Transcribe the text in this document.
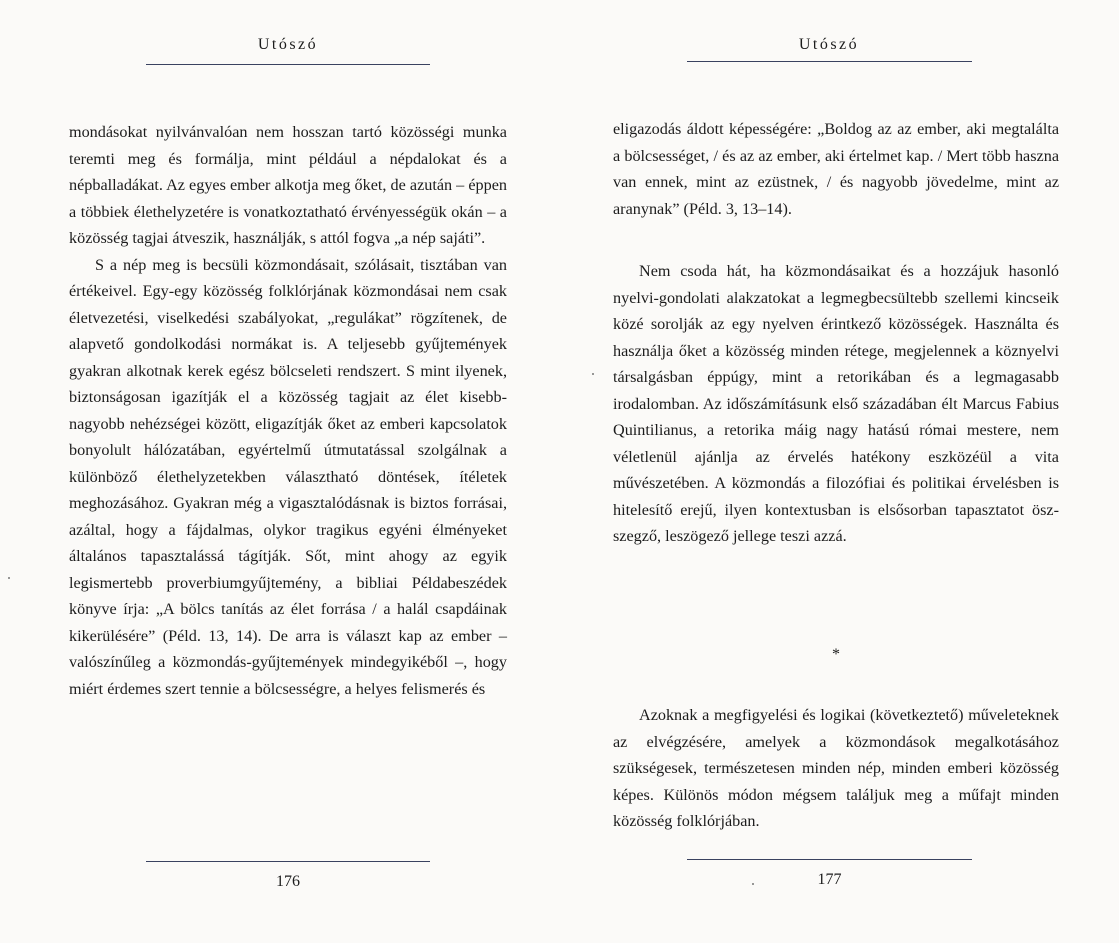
Utószó

mondásokat nyilvánvalóan nem hosszan tartó közösségi munka teremti meg és formálja, mint például a népdalokat és a népballadákat. Az egyes ember alkotja meg őket, de azután – éppen a többiek élethelyzetére is vonatkoztatható érvényességük okán – a közösség tagjai átveszik, használják, s attól fogva „a nép sajáti”.

S a nép meg is becsüli közmondásait, szólásait, tisztában van értékeivel. Egy-egy közösség folklórjának közmondásai nem csak életvezetési, viselkedési szabályokat, „regulákat” rögzítenek, de alapvető gondolkodási normákat is. A teljesebb gyűjtemények gyakran alkotnak kerek egész bölcseleti rendszert. S mint ilyenek, biztonságosan igazítják el a közösség tagjait az élet kisebb-nagyobb nehézségei között, eligazítják őket az emberi kapcsolatok bonyolult hálózatában, egyértelmű útmutatással szolgálnak a különböző élethelyzetekben választható döntések, ítéletek meghozásához. Gyakran még a vigasztalódásnak is biztos forrásai, azáltal, hogy a fájdalmas, olykor tragikus egyéni élményeket általános tapasztalássá tágítják. Sőt, mint ahogy az egyik legismertebb proverbiumgyűjtemény, a bibliai Példabeszédek könyve írja: „A bölcs tanítás az élet forrása / a halál csapdáinak kikerülésére” (Péld. 13, 14). De arra is választ kap az ember – valószínűleg a közmondás-gyűjtemények mindegyikéből –, hogy miért érdemes szert tennie a bölcsességre, a helyes felismerés és

176
Utószó

eligazodás áldott képességére: „Boldog az az ember, aki megtalálta a bölcsességet, / és az az ember, aki értelmet kap. / Mert több haszna van ennek, mint az ezüstnek, / és nagyobb jövedelme, mint az aranynak” (Péld. 3, 13–14).

Nem csoda hát, ha közmondásaikat és a hozzájuk hasonló nyelvi-gondolati alakzatokat a legmegbecsültebb szellemi kincseik közé sorolják az egy nyelven érintkező közösségek. Használta és használja őket a közösség minden rétege, megjelennek a köznyelvi társalgásban éppúgy, mint a retorikában és a legmagasabb irodalomban. Az időszámításunk első századában élt Marcus Fabius Quintilianus, a retorika máig nagy hatású római mestere, nem véletlenül ajánlja az érvelés hatékony eszközéül a vita művészetében. A közmondás a filozófiai és politikai érvelésben is hitelesítő erejű, ilyen kontextusban is elsősorban tapasztatot öszszegző, leszögező jellege teszi azzá.

*

Azoknak a megfigyelési és logikai (következtető) műveleteknek az elvégzésére, amelyek a közmondások megalkotásához szükségesek, természetesen minden nép, minden emberi közösség képes. Különös módon mégsem találjuk meg a műfajt minden közösség folklórjában.

177
